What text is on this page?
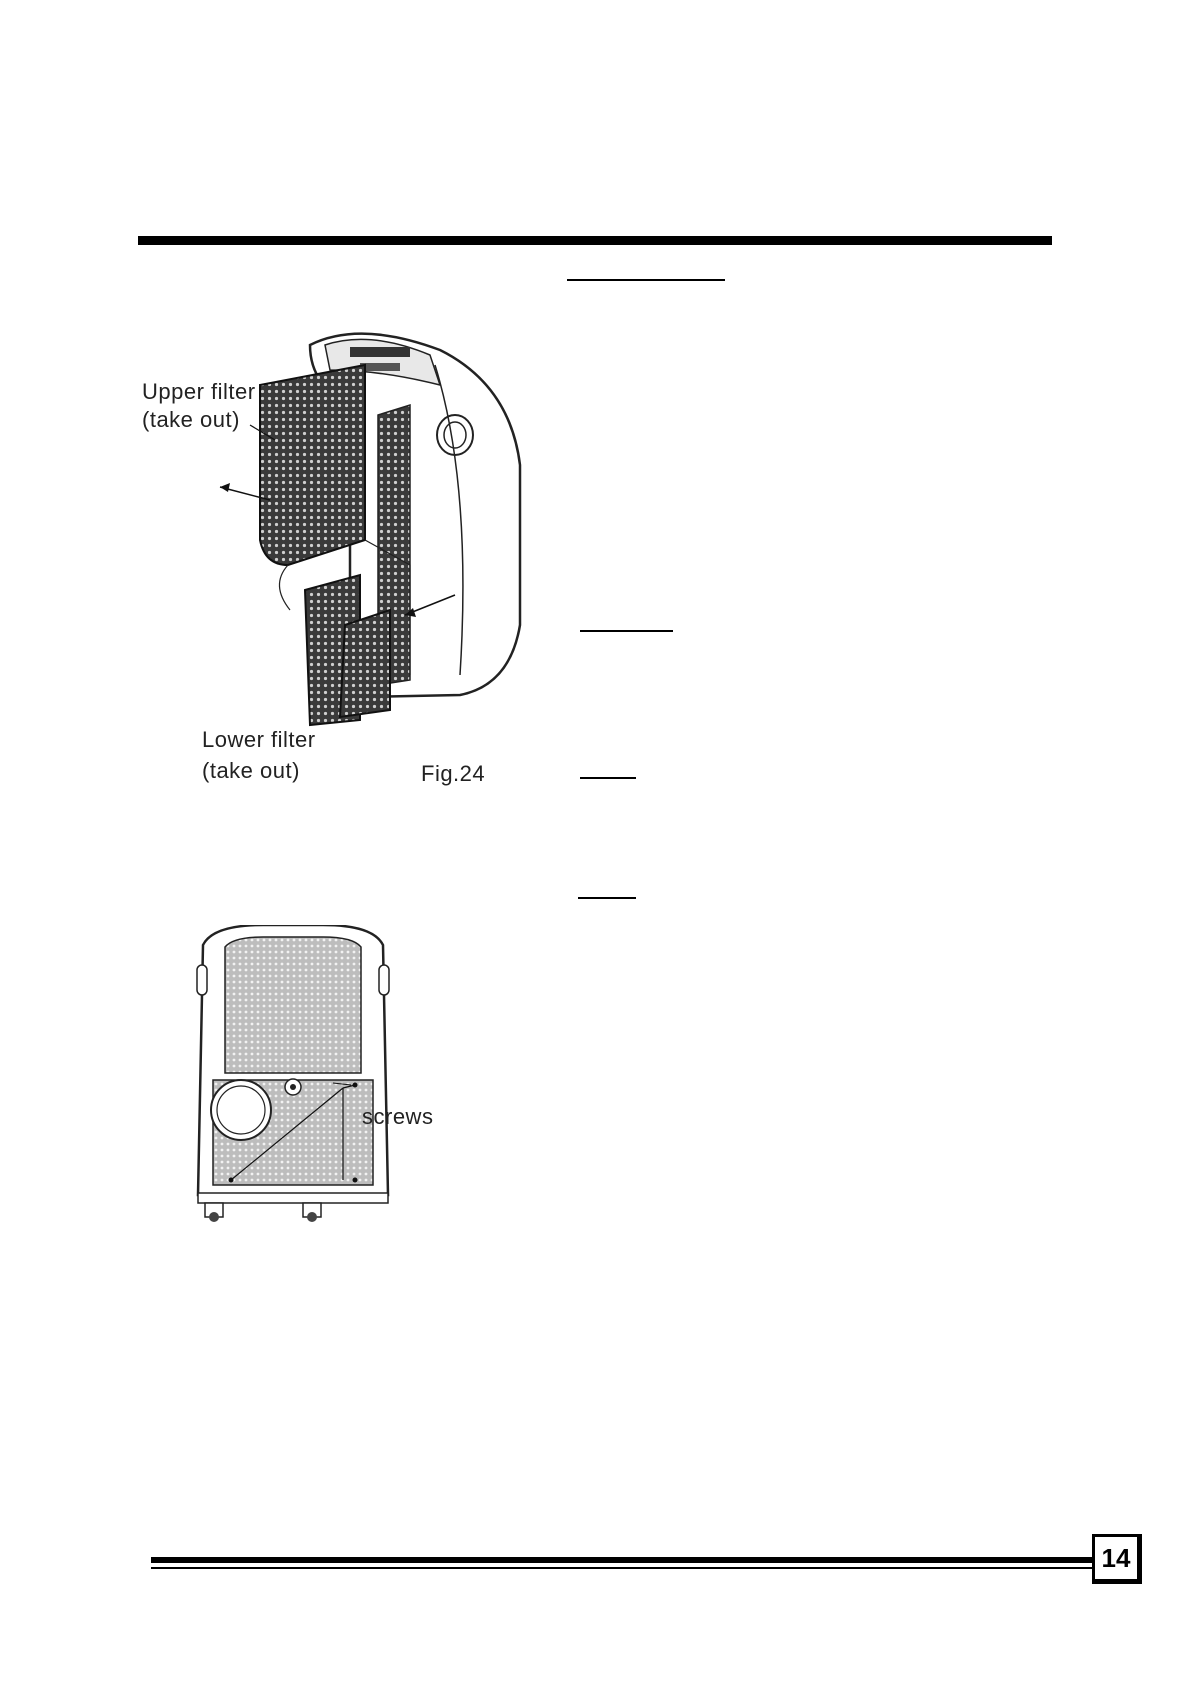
Upper filter
(take out)
Lower filter
(take out)	Fig.24
screws
14
